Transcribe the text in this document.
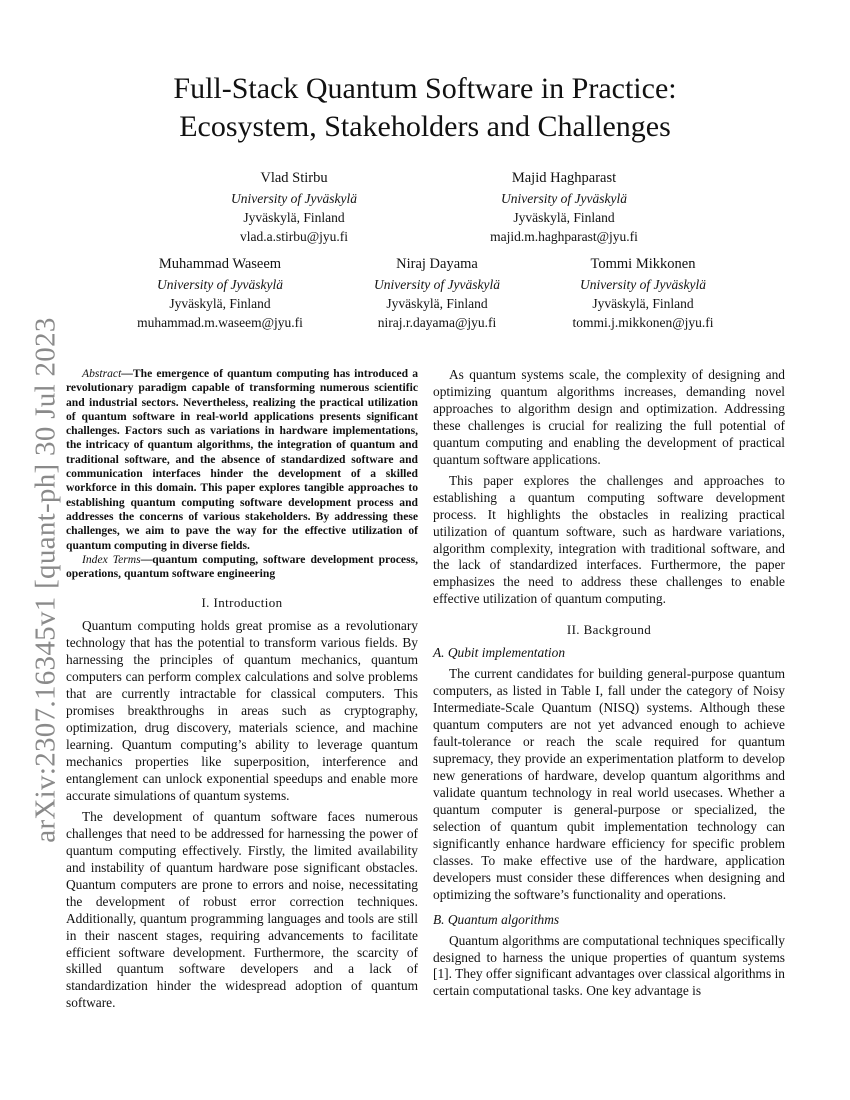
arXiv:2307.16345v1 [quant-ph] 30 Jul 2023
Full-Stack Quantum Software in Practice:
Ecosystem, Stakeholders and Challenges
Vlad Stirbu
University of Jyväskylä
Jyväskylä, Finland
vlad.a.stirbu@jyu.fi
Majid Haghparast
University of Jyväskylä
Jyväskylä, Finland
majid.m.haghparast@jyu.fi
Muhammad Waseem
University of Jyväskylä
Jyväskylä, Finland
muhammad.m.waseem@jyu.fi
Niraj Dayama
University of Jyväskylä
Jyväskylä, Finland
niraj.r.dayama@jyu.fi
Tommi Mikkonen
University of Jyväskylä
Jyväskylä, Finland
tommi.j.mikkonen@jyu.fi

Abstract—The emergence of quantum computing has introduced a revolutionary paradigm capable of transforming numerous scientific and industrial sectors. Nevertheless, realizing the practical utilization of quantum software in real-world applications presents significant challenges. Factors such as variations in hardware implementations, the intricacy of quantum algorithms, the integration of quantum and traditional software, and the absence of standardized software and communication interfaces hinder the development of a skilled workforce in this domain. This paper explores tangible approaches to establishing quantum computing software development process and addresses the concerns of various stakeholders. By addressing these challenges, we aim to pave the way for the effective utilization of quantum computing in diverse fields.

Index Terms—quantum computing, software development process, operations, quantum software engineering

I. Introduction

Quantum computing holds great promise as a revolutionary technology that has the potential to transform various fields. By harnessing the principles of quantum mechanics, quantum computers can perform complex calculations and solve problems that are currently intractable for classical computers. This promises breakthroughs in areas such as cryptography, optimization, drug discovery, materials science, and machine learning. Quantum computing’s ability to leverage quantum mechanics properties like superposition, interference and entanglement can unlock exponential speedups and enable more accurate simulations of quantum systems.

The development of quantum software faces numerous challenges that need to be addressed for harnessing the power of quantum computing effectively. Firstly, the limited availability and instability of quantum hardware pose significant obstacles. Quantum computers are prone to errors and noise, necessitating the development of robust error correction techniques. Additionally, quantum programming languages and tools are still in their nascent stages, requiring advancements to facilitate efficient software development. Furthermore, the scarcity of skilled quantum software developers and a lack of standardization hinder the widespread adoption of quantum software.

As quantum systems scale, the complexity of designing and optimizing quantum algorithms increases, demanding novel approaches to algorithm design and optimization. Addressing these challenges is crucial for realizing the full potential of quantum computing and enabling the development of practical quantum software applications.

This paper explores the challenges and approaches to establishing a quantum computing software development process. It highlights the obstacles in realizing practical utilization of quantum software, such as hardware variations, algorithm complexity, integration with traditional software, and the lack of standardized interfaces. Furthermore, the paper emphasizes the need to address these challenges to enable effective utilization of quantum computing.

II. Background
A. Qubit implementation

The current candidates for building general-purpose quantum computers, as listed in Table I, fall under the category of Noisy Intermediate-Scale Quantum (NISQ) systems. Although these quantum computers are not yet advanced enough to achieve fault-tolerance or reach the scale required for quantum supremacy, they provide an experimentation platform to develop new generations of hardware, develop quantum algorithms and validate quantum technology in real world usecases. Whether a quantum computer is general-purpose or specialized, the selection of quantum qubit implementation technology can significantly enhance hardware efficiency for specific problem classes. To make effective use of the hardware, application developers must consider these differences when designing and optimizing the software’s functionality and operations.

B. Quantum algorithms

Quantum algorithms are computational techniques specifically designed to harness the unique properties of quantum systems [1]. They offer significant advantages over classical algorithms in certain computational tasks. One key advantage is
